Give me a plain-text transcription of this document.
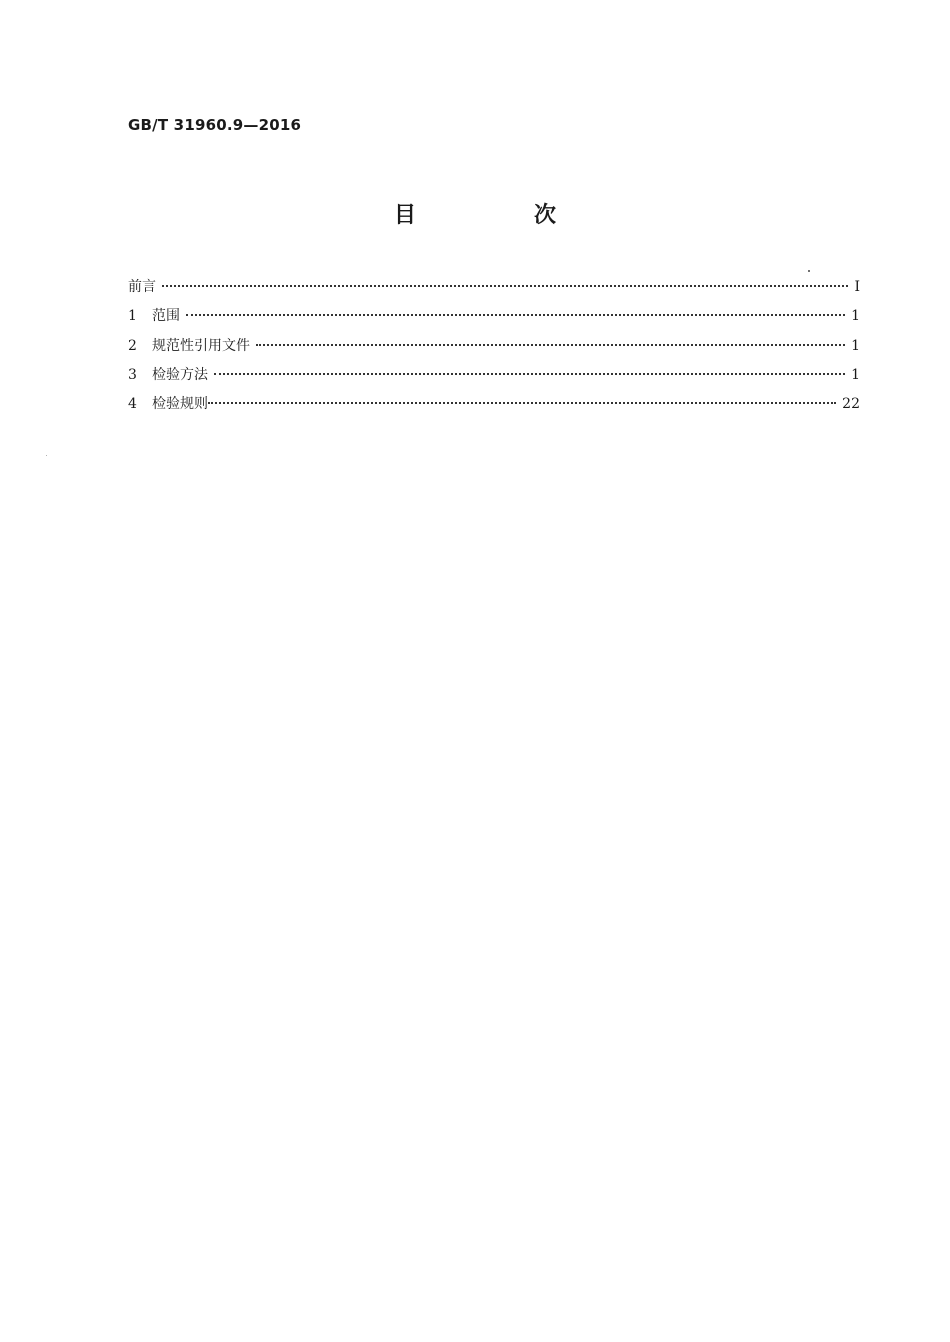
GB/T 31960.9—2016
目　次
前言	Ⅰ
1	范围	1
2	规范性引用文件	1
3	检验方法	1
4	检验规则	22
